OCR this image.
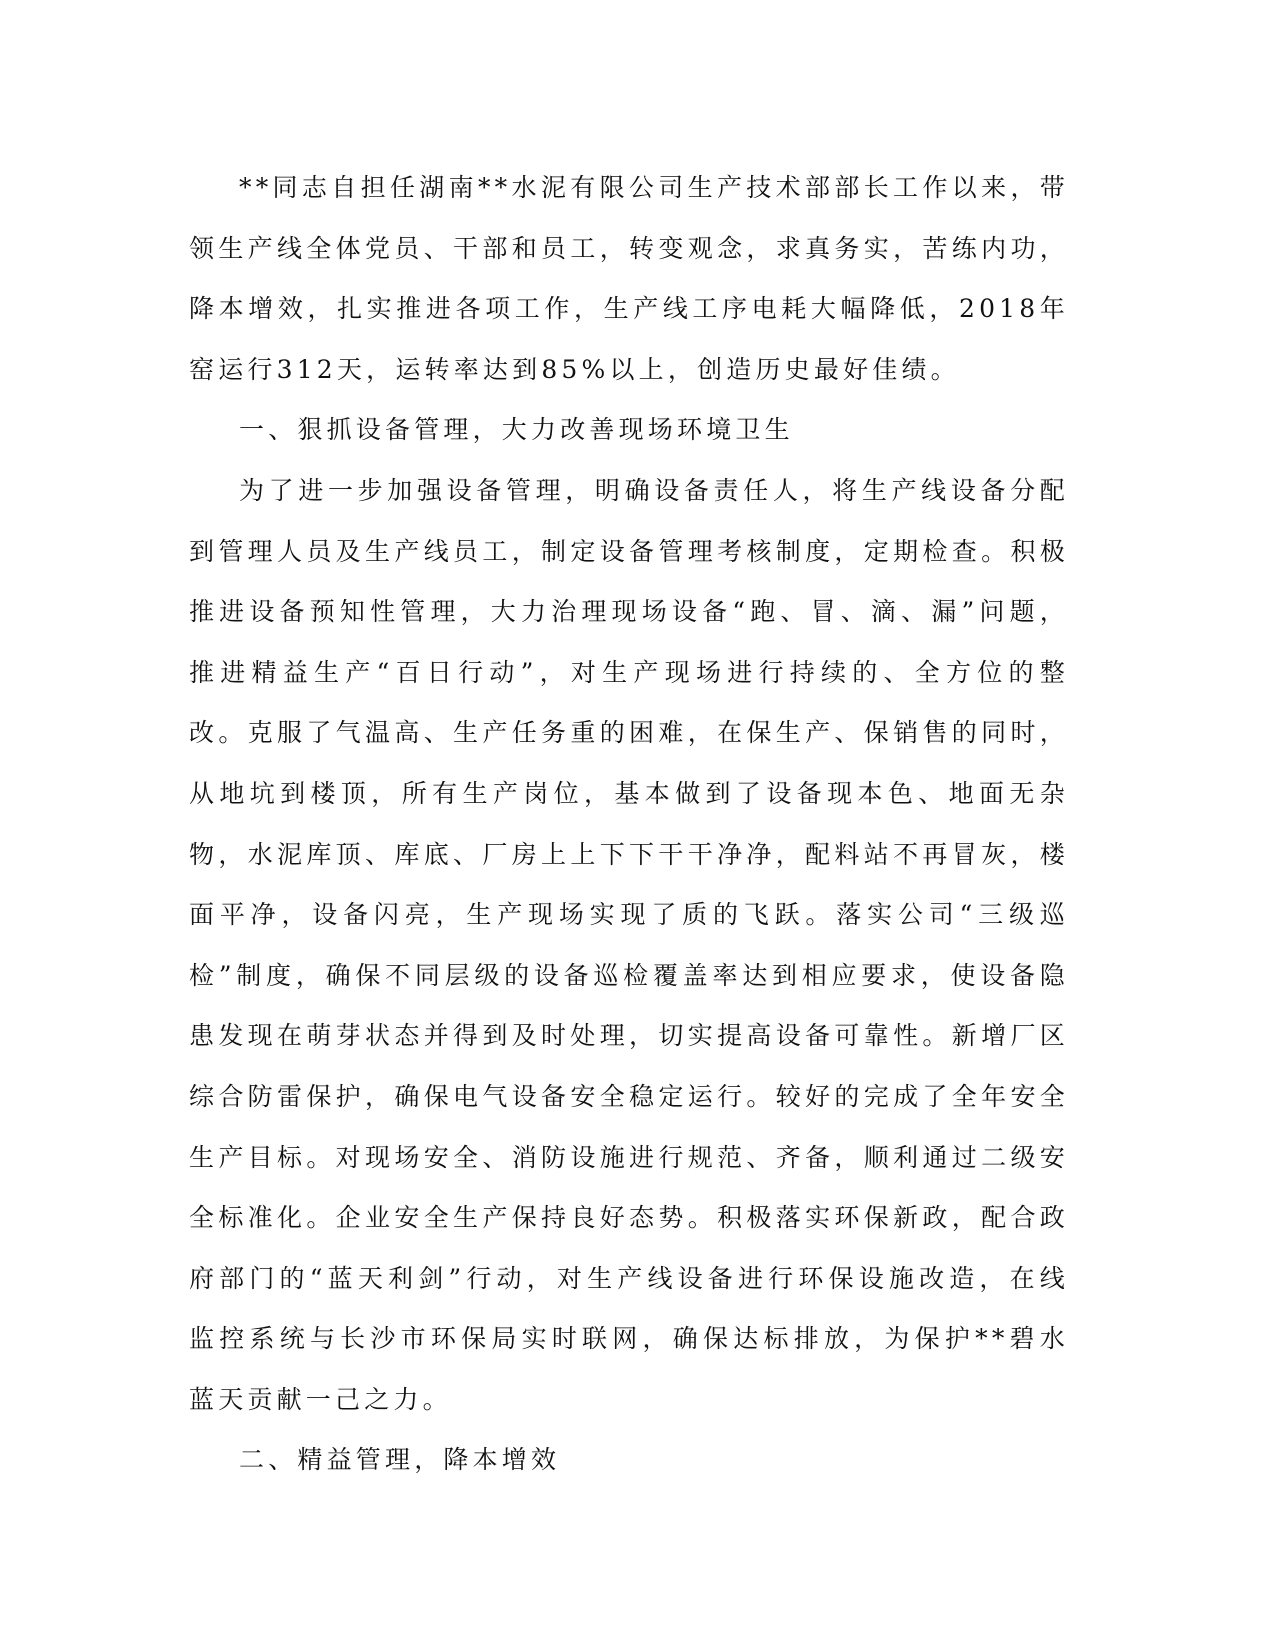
**同志自担任湖南**水泥有限公司生产技术部部长工作以来，带领生产线全体党员、干部和员工，转变观念，求真务实，苦练内功，降本增效，扎实推进各项工作，生产线工序电耗大幅降低，2018年窑运行312天，运转率达到85%以上，创造历史最好佳绩。

一、狠抓设备管理，大力改善现场环境卫生

为了进一步加强设备管理，明确设备责任人，将生产线设备分配到管理人员及生产线员工，制定设备管理考核制度，定期检查。积极推进设备预知性管理，大力治理现场设备“跑、冒、滴、漏”问题，推进精益生产“百日行动”，对生产现场进行持续的、全方位的整改。克服了气温高、生产任务重的困难，在保生产、保销售的同时，从地坑到楼顶，所有生产岗位，基本做到了设备现本色、地面无杂物，水泥库顶、库底、厂房上上下下干干净净，配料站不再冒灰，楼面平净，设备闪亮，生产现场实现了质的飞跃。落实公司“三级巡检”制度，确保不同层级的设备巡检覆盖率达到相应要求，使设备隐患发现在萌芽状态并得到及时处理，切实提高设备可靠性。新增厂区综合防雷保护，确保电气设备安全稳定运行。较好的完成了全年安全生产目标。对现场安全、消防设施进行规范、齐备，顺利通过二级安全标准化。企业安全生产保持良好态势。积极落实环保新政，配合政府部门的“蓝天利剑”行动，对生产线设备进行环保设施改造，在线监控系统与长沙市环保局实时联网，确保达标排放，为保护**碧水蓝天贡献一己之力。

二、精益管理，降本增效
